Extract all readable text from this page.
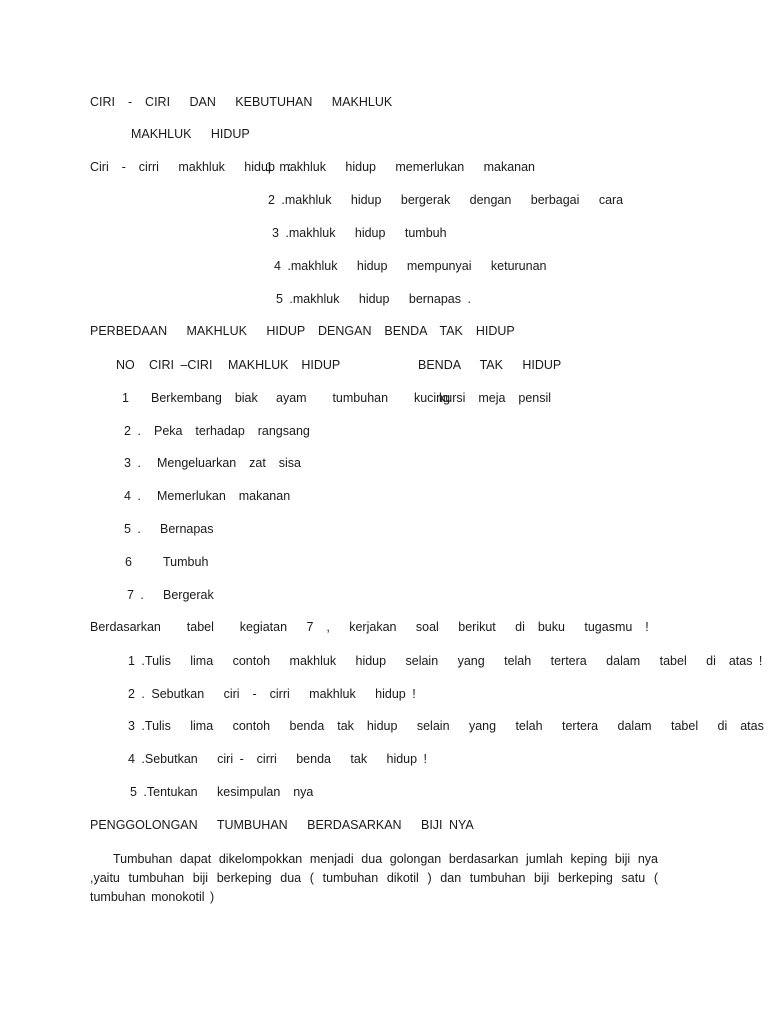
CIRI  -  CIRI   DAN   KEBUTUHAN   MAKHLUK
MAKHLUK   HIDUP
Ciri  -  cirri   makhluk   hidup  :
1 makhluk   hidup   memerlukan   makanan
2 .makhluk   hidup   bergerak   dengan   berbagai   cara
3 .makhluk   hidup   tumbuh
4 .makhluk   hidup   mempunyai   keturunan
5 .makhluk   hidup   bernapas .
PERBEDAAN   MAKHLUK   HIDUP  DENGAN  BENDA  TAK  HIDUP
NO CIRI –CIRI MAKHLUK  HIDUP	BENDA   TAK   HIDUP
1 Berkembang  biak ayam    tumbuhan    kucing
kursi  meja  pensil
2 . Peka  terhadap  rangsang
3 . Mengeluarkan  zat  sisa
4 . Memerlukan  makanan
5 . Bernapas
6 Tumbuh
7 . Bergerak
Berdasarkan    tabel    kegiatan   7  ,   kerjakan   soal   berikut   di  buku   tugasmu  !
1 .Tulis   lima   contoh   makhluk   hidup   selain   yang   telah   tertera   dalam   tabel   di  atas !
2 . Sebutkan   ciri  -  cirri   makhluk   hidup !
3 .Tulis   lima   contoh   benda  tak  hidup   selain   yang   telah   tertera   dalam   tabel   di  atas
4 .Sebutkan   ciri -  cirri   benda   tak   hidup !
5 .Tentukan   kesimpulan  nya
PENGGOLONGAN   TUMBUHAN   BERDASARKAN   BIJI NYA
Tumbuhan dapat dikelompokkan menjadi dua golongan berdasarkan jumlah keping biji nya ,yaitu tumbuhan biji berkeping dua ( tumbuhan dikotil ) dan tumbuhan biji berkeping satu ( tumbuhan monokotil )
